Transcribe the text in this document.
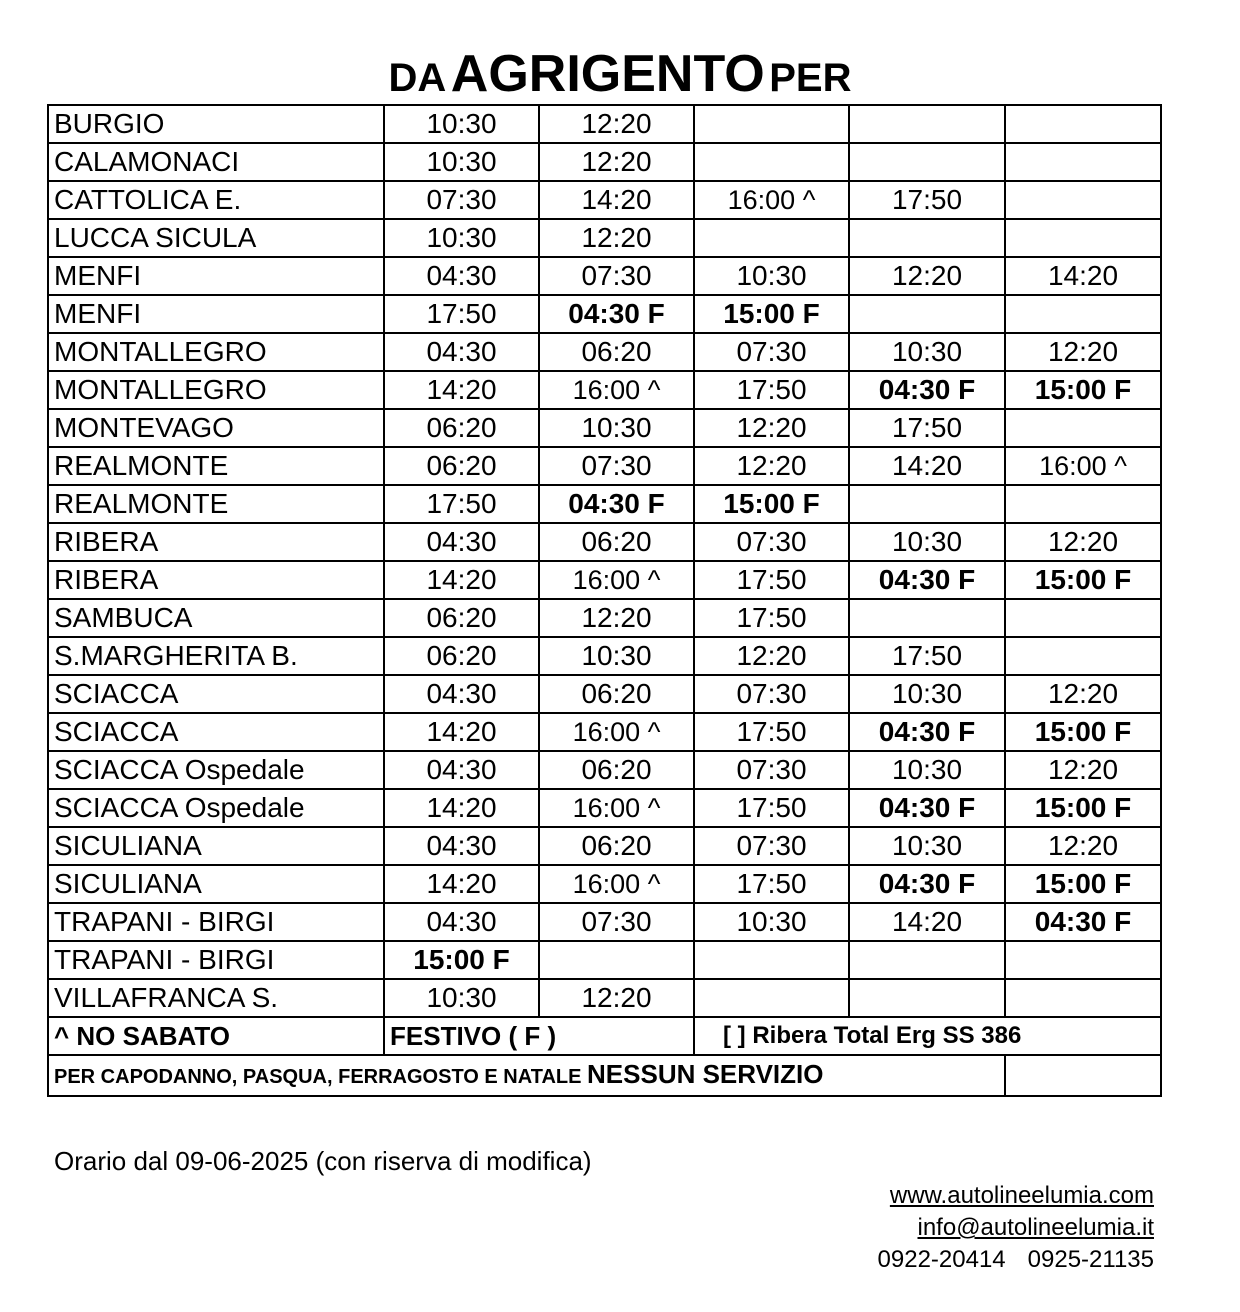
DA AGRIGENTO PER
BURGIO	10:30	12:20			
CALAMONACI	10:30	12:20			
CATTOLICA E.	07:30	14:20	16:00 ^	17:50	
LUCCA SICULA	10:30	12:20			
MENFI	04:30	07:30	10:30	12:20	14:20
MENFI	17:50	04:30 F	15:00 F		
MONTALLEGRO	04:30	06:20	07:30	10:30	12:20
MONTALLEGRO	14:20	16:00 ^	17:50	04:30 F	15:00 F
MONTEVAGO	06:20	10:30	12:20	17:50	
REALMONTE	06:20	07:30	12:20	14:20	16:00 ^
REALMONTE	17:50	04:30 F	15:00 F		
RIBERA	04:30	06:20	07:30	10:30	12:20
RIBERA	14:20	16:00 ^	17:50	04:30 F	15:00 F
SAMBUCA	06:20	12:20	17:50		
S.MARGHERITA B.	06:20	10:30	12:20	17:50	
SCIACCA	04:30	06:20	07:30	10:30	12:20
SCIACCA	14:20	16:00 ^	17:50	04:30 F	15:00 F
SCIACCA Ospedale	04:30	06:20	07:30	10:30	12:20
SCIACCA Ospedale	14:20	16:00 ^	17:50	04:30 F	15:00 F
SICULIANA	04:30	06:20	07:30	10:30	12:20
SICULIANA	14:20	16:00 ^	17:50	04:30 F	15:00 F
TRAPANI - BIRGI	04:30	07:30	10:30	14:20	04:30 F
TRAPANI - BIRGI	15:00 F				
VILLAFRANCA S.	10:30	12:20			
^ NO SABATO	FESTIVO ( F )		[ ] Ribera Total Erg SS 386		
PER CAPODANNO, PASQUA, FERRAGOSTO E NATALE NESSUN SERVIZIO					
Orario dal 09-06-2025 (con riserva di modifica)
www.autolineelumia.com
info@autolineelumia.it
0922-20414 0925-21135
